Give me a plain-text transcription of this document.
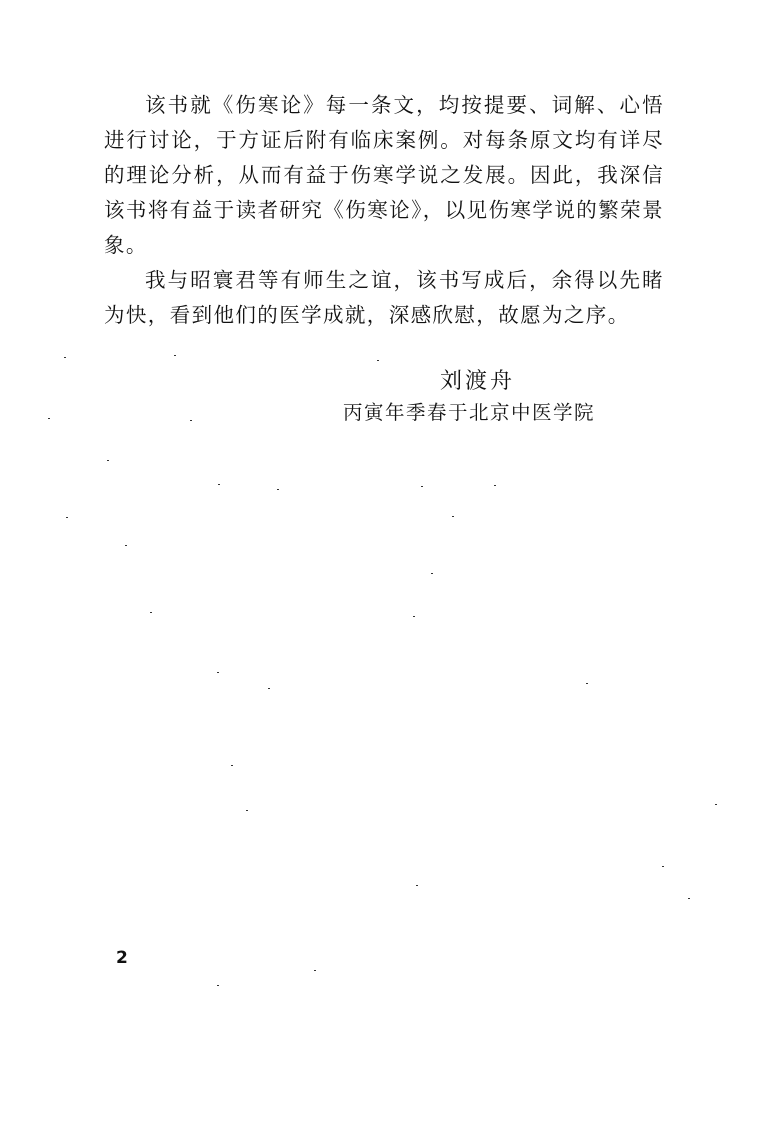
该书就《伤寒论》每一条文，均按提要、词解、心悟进行讨论，于方证后附有临床案例。对每条原文均有详尽的理论分析，从而有益于伤寒学说之发展。因此，我深信该书将有益于读者研究《伤寒论》，以见伤寒学说的繁荣景象。

我与昭寰君等有师生之谊，该书写成后，余得以先睹为快，看到他们的医学成就，深感欣慰，故愿为之序。

刘渡舟
丙寅年季春于北京中医学院
2
